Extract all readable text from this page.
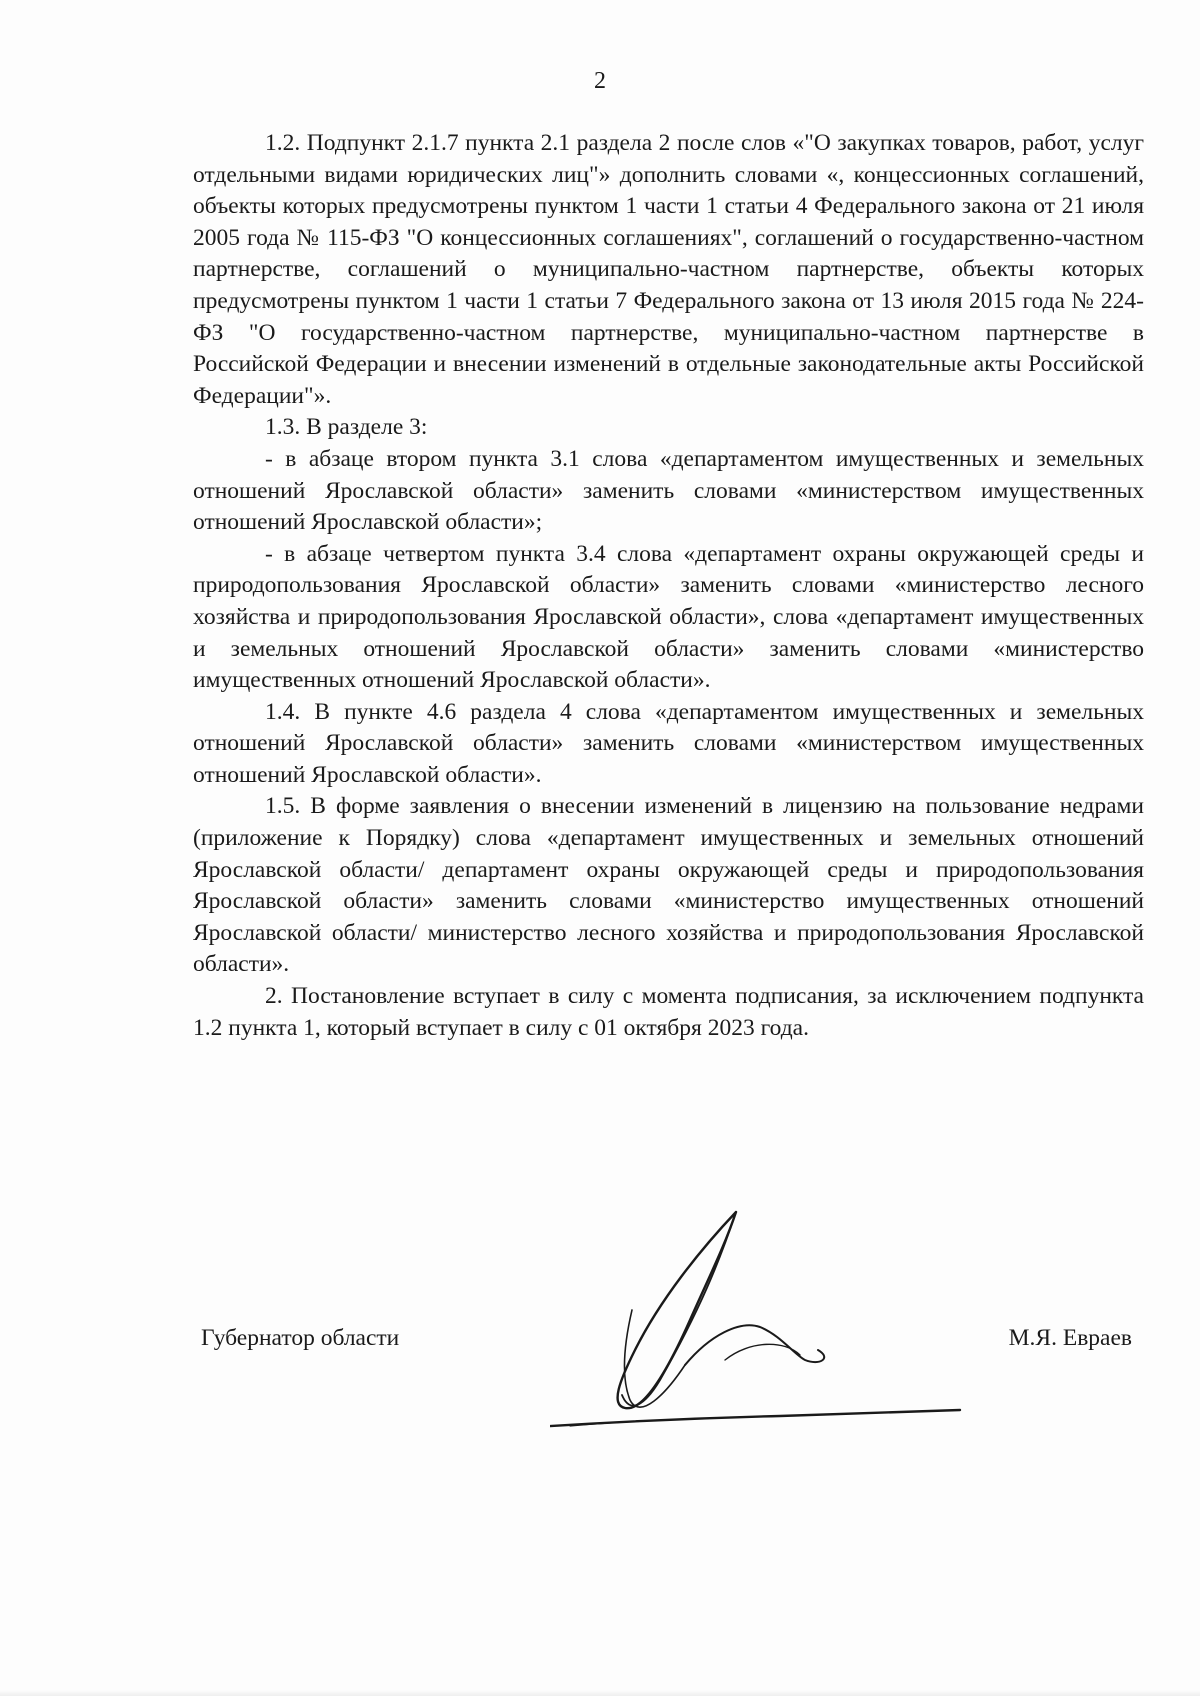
2

1.2. Подпункт 2.1.7 пункта 2.1 раздела 2 после слов «"О закупках товаров, работ, услуг отдельными видами юридических лиц"» дополнить словами «, концессионных соглашений, объекты которых предусмотрены пунктом 1 части 1 статьи 4 Федерального закона от 21 июля 2005 года № 115-ФЗ "О концессионных соглашениях", соглашений о государственно-частном партнерстве, соглашений о муниципально-частном партнерстве, объекты которых предусмотрены пунктом 1 части 1 статьи 7 Федерального закона от 13 июля 2015 года № 224-ФЗ "О государственно-частном партнерстве, муниципально-частном партнерстве в Российской Федерации и внесении изменений в отдельные законодательные акты Российской Федерации"».

1.3. В разделе 3:

- в абзаце втором пункта 3.1 слова «департаментом имущественных и земельных отношений Ярославской области» заменить словами «министерством имущественных отношений Ярославской области»;

- в абзаце четвертом пункта 3.4 слова «департамент охраны окружающей среды и природопользования Ярославской области» заменить словами «министерство лесного хозяйства и природопользования Ярославской области», слова «департамент имущественных и земельных отношений Ярославской области» заменить словами «министерство имущественных отношений Ярославской области».

1.4. В пункте 4.6 раздела 4 слова «департаментом имущественных и земельных отношений Ярославской области» заменить словами «министерством имущественных отношений Ярославской области».

1.5. В форме заявления о внесении изменений в лицензию на пользование недрами (приложение к Порядку) слова «департамент имущественных и земельных отношений Ярославской области/ департамент охраны окружающей среды и природопользования Ярославской области» заменить словами «министерство имущественных отношений Ярославской области/ министерство лесного хозяйства и природопользования Ярославской области».

2. Постановление вступает в силу с момента подписания, за исключением подпункта 1.2 пункта 1, который вступает в силу с 01 октября 2023 года.

Губернатор области	М.Я. Евраев
